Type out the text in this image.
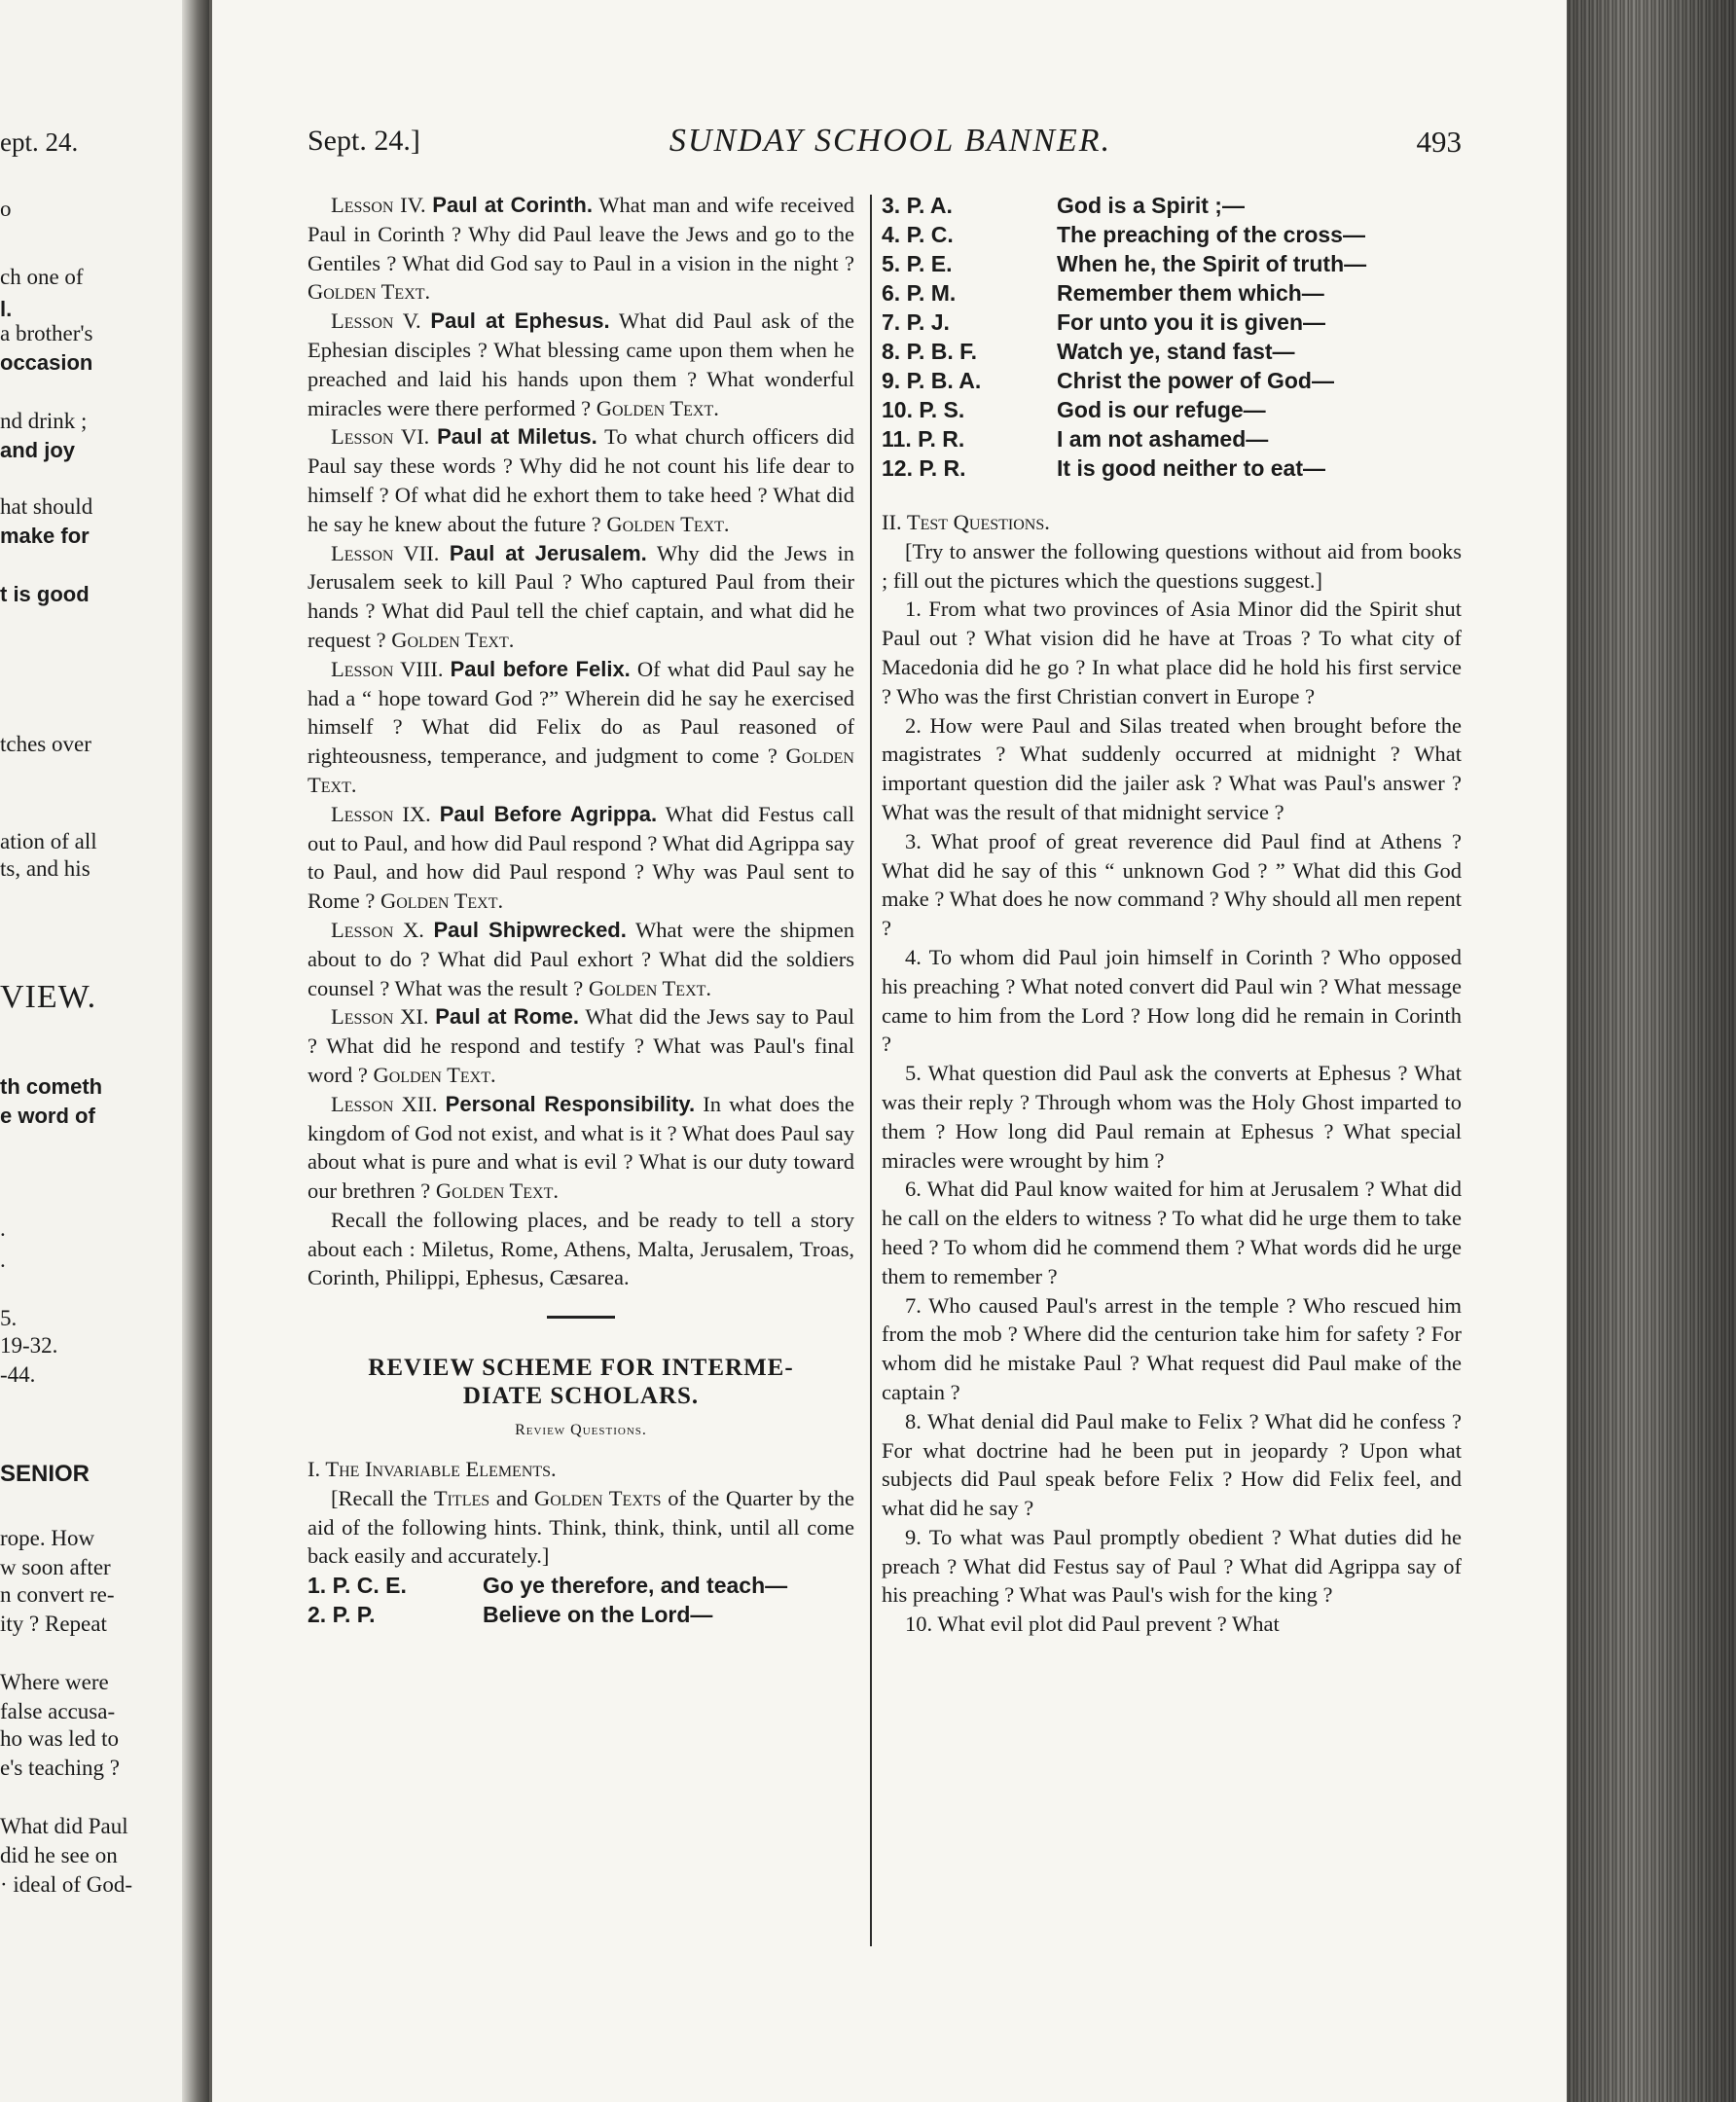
ept. 24.
o
ch one of
l.
a brother's
occasion
nd drink ;
and joy
hat should
make for
t is good
tches over
ation of all
ts, and his
VIEW.
th cometh
e word of
.
.
5.
19-32.
-44.
SENIOR
rope. How
w soon after
n convert re-
ity ? Repeat
Where were
false accusa-
ho was led to
e's teaching ?
What did Paul
did he see on
· ideal of God-
Sept. 24.]	SUNDAY SCHOOL BANNER.	493

Lesson IV. Paul at Corinth. What man and wife received Paul in Corinth ? Why did Paul leave the Jews and go to the Gentiles ? What did God say to Paul in a vision in the night ? Golden Text.

Lesson V. Paul at Ephesus. What did Paul ask of the Ephesian disciples ? What blessing came upon them when he preached and laid his hands upon them ? What wonderful miracles were there performed ? Golden Text.

Lesson VI. Paul at Miletus. To what church officers did Paul say these words ? Why did he not count his life dear to himself ? Of what did he exhort them to take heed ? What did he say he knew about the future ? Golden Text.

Lesson VII. Paul at Jerusalem. Why did the Jews in Jerusalem seek to kill Paul ? Who captured Paul from their hands ? What did Paul tell the chief captain, and what did he request ? Golden Text.

Lesson VIII. Paul before Felix. Of what did Paul say he had a “ hope toward God ?” Wherein did he say he exercised himself ? What did Felix do as Paul reasoned of righteousness, temperance, and judgment to come ? Golden Text.

Lesson IX. Paul Before Agrippa. What did Festus call out to Paul, and how did Paul respond ? What did Agrippa say to Paul, and how did Paul respond ? Why was Paul sent to Rome ? Golden Text.

Lesson X. Paul Shipwrecked. What were the shipmen about to do ? What did Paul exhort ? What did the soldiers counsel ? What was the result ? Golden Text.

Lesson XI. Paul at Rome. What did the Jews say to Paul ? What did he respond and testify ? What was Paul's final word ? Golden Text.

Lesson XII. Personal Responsibility. In what does the kingdom of God not exist, and what is it ? What does Paul say about what is pure and what is evil ? What is our duty toward our brethren ? Golden Text.

Recall the following places, and be ready to tell a story about each : Miletus, Rome, Athens, Malta, Jerusalem, Troas, Corinth, Philippi, Ephesus, Cæsarea.

REVIEW SCHEME FOR INTERME-
DIATE SCHOLARS.
Review Questions.

I. The Invariable Elements.

[Recall the Titles and Golden Texts of the Quarter by the aid of the following hints. Think, think, think, until all come back easily and accurately.]

1. P. C. E.	Go ye therefore, and teach—
2. P. P.	Believe on the Lord—
3. P. A.	God is a Spirit ;—
4. P. C.	The preaching of the cross—
5. P. E.	When he, the Spirit of truth—
6. P. M.	Remember them which—
7. P. J.	For unto you it is given—
8. P. B. F.	Watch ye, stand fast—
9. P. B. A.	Christ the power of God—
10. P. S.	God is our refuge—
11. P. R.	I am not ashamed—
12. P. R.	It is good neither to eat—

II. Test Questions.

[Try to answer the following questions without aid from books ; fill out the pictures which the questions suggest.]

1. From what two provinces of Asia Minor did the Spirit shut Paul out ? What vision did he have at Troas ? To what city of Macedonia did he go ? In what place did he hold his first service ? Who was the first Christian convert in Europe ?

2. How were Paul and Silas treated when brought before the magistrates ? What suddenly occurred at midnight ? What important question did the jailer ask ? What was Paul's answer ? What was the result of that midnight service ?

3. What proof of great reverence did Paul find at Athens ? What did he say of this “ unknown God ? ” What did this God make ? What does he now command ? Why should all men repent ?

4. To whom did Paul join himself in Corinth ? Who opposed his preaching ? What noted convert did Paul win ? What message came to him from the Lord ? How long did he remain in Corinth ?

5. What question did Paul ask the converts at Ephesus ? What was their reply ? Through whom was the Holy Ghost imparted to them ? How long did Paul remain at Ephesus ? What special miracles were wrought by him ?

6. What did Paul know waited for him at Jerusalem ? What did he call on the elders to witness ? To what did he urge them to take heed ? To whom did he commend them ? What words did he urge them to remember ?

7. Who caused Paul's arrest in the temple ? Who rescued him from the mob ? Where did the centurion take him for safety ? For whom did he mistake Paul ? What request did Paul make of the captain ?

8. What denial did Paul make to Felix ? What did he confess ? For what doctrine had he been put in jeopardy ? Upon what subjects did Paul speak before Felix ? How did Felix feel, and what did he say ?

9. To what was Paul promptly obedient ? What duties did he preach ? What did Festus say of Paul ? What did Agrippa say of his preaching ? What was Paul's wish for the king ?

10. What evil plot did Paul prevent ? What
